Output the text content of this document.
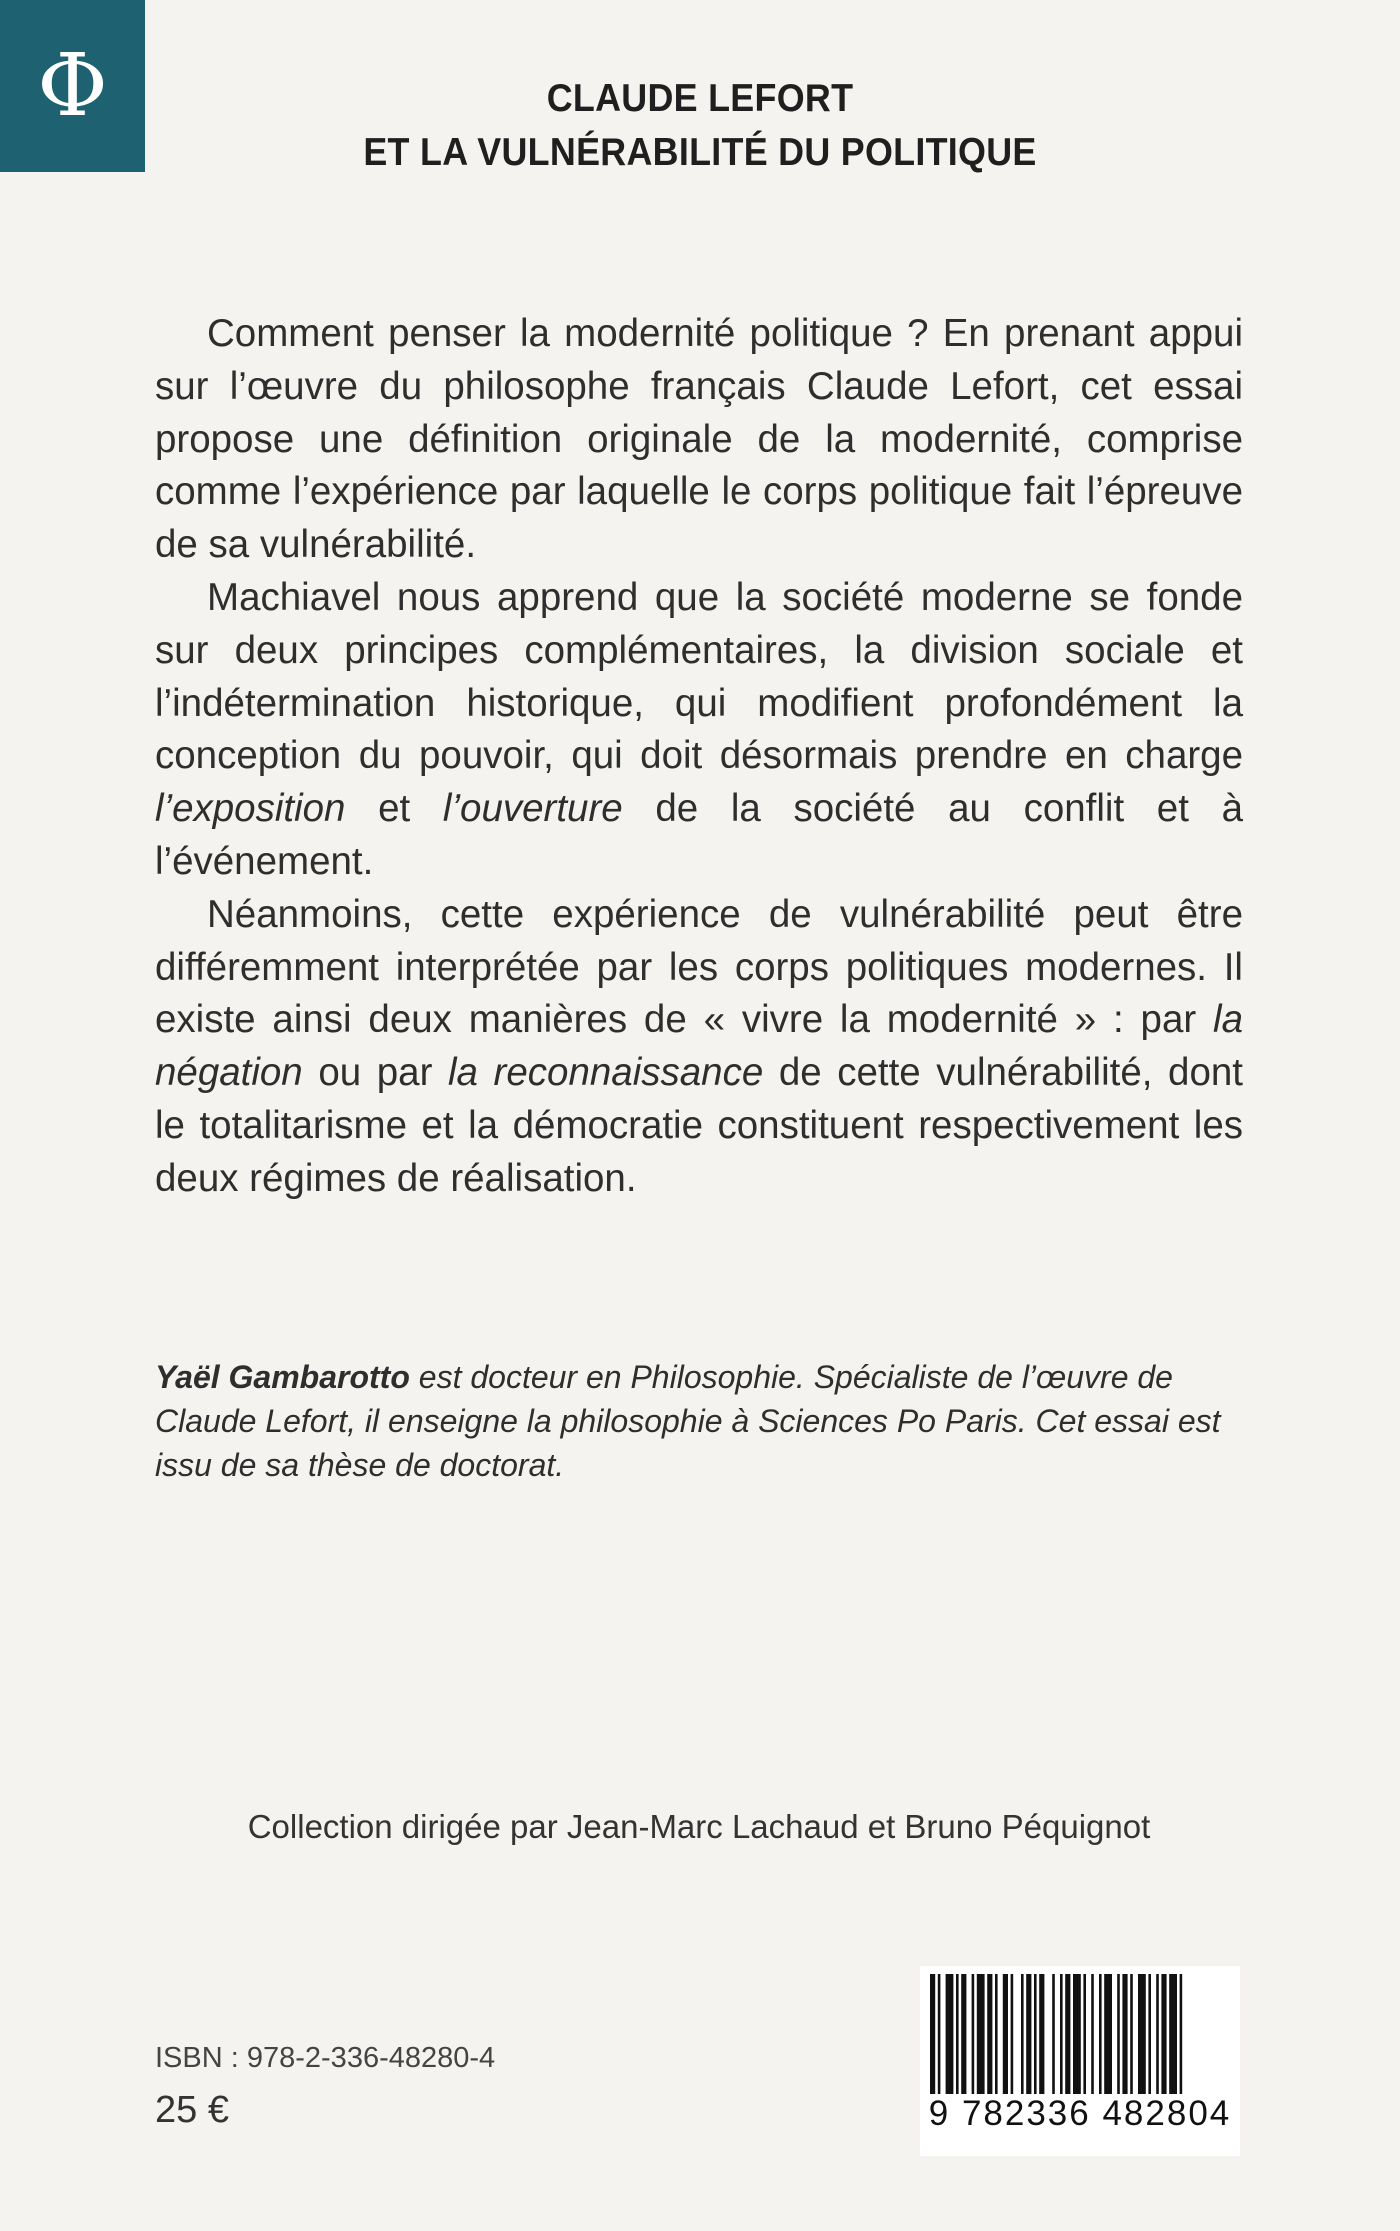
Φ	CLAUDE LEFORT
ET LA VULNÉRABILITÉ DU POLITIQUE

Comment penser la modernité politique ? En prenant appui sur l’œuvre du philosophe français Claude Lefort, cet essai propose une définition originale de la modernité, comprise comme l’expérience par laquelle le corps politique fait l’épreuve de sa vulnérabilité.

Machiavel nous apprend que la société moderne se fonde sur deux principes complémentaires, la division sociale et l’indétermination historique, qui modifient profondément la conception du pouvoir, qui doit désormais prendre en charge l’exposition et l’ouverture de la société au conflit et à l’événement.

Néanmoins, cette expérience de vulnérabilité peut être différemment interprétée par les corps politiques modernes. Il existe ainsi deux manières de « vivre la modernité » : par la négation ou par la reconnaissance de cette vulnérabilité, dont le totalitarisme et la démocratie constituent respectivement les deux régimes de réalisation.

Yaël Gambarotto est docteur en Philosophie. Spécialiste de l’œuvre de Claude Lefort, il enseigne la philosophie à Sciences Po Paris. Cet essai est issu de sa thèse de doctorat.
Collection dirigée par Jean-Marc Lachaud et Bruno Péquignot
ISBN : 978-2-336-48280-4
25 €	9 782336 482804
